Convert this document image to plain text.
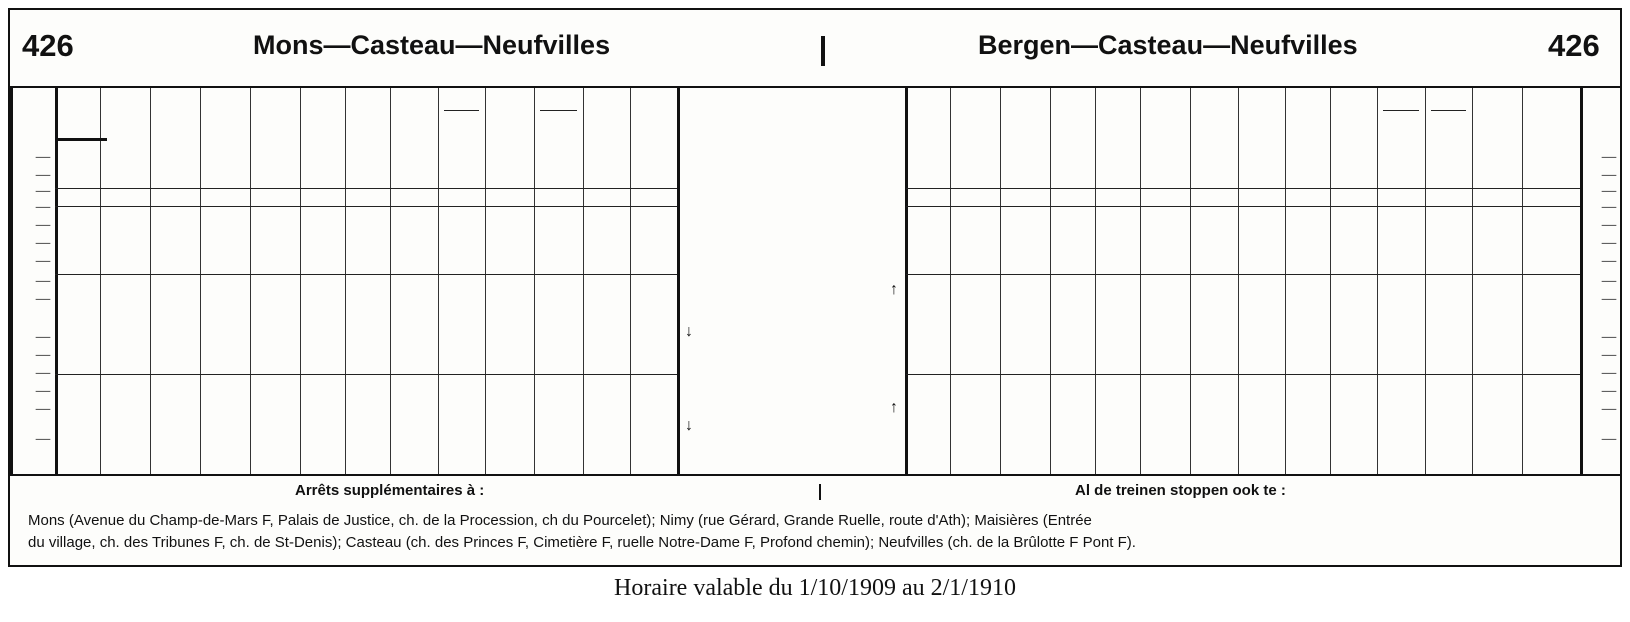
426	Mons—Casteau—Neufvilles	Bergen—Casteau—Neufvilles	426
—	—
—	—
—	—
—	—
—	—
—	—
—	—
—	—
—	—
—	—
—	—
—	—
—	—
—	—
—	—
↓
↓
↑
↑
Arrêts supplémentaires à :	Al de treinen stoppen ook te :
Mons (Avenue du Champ-de-Mars F, Palais de Justice, ch. de la Procession, ch du Pourcelet); Nimy (rue Gérard, Grande Ruelle, route d'Ath); Maisières (Entrée
du village, ch. des Tribunes F, ch. de St-Denis); Casteau (ch. des Princes F, Cimetière F, ruelle Notre-Dame F, Profond chemin); Neufvilles (ch. de la Brûlotte F Pont F).
Horaire valable du 1/10/1909 au 2/1/1910
